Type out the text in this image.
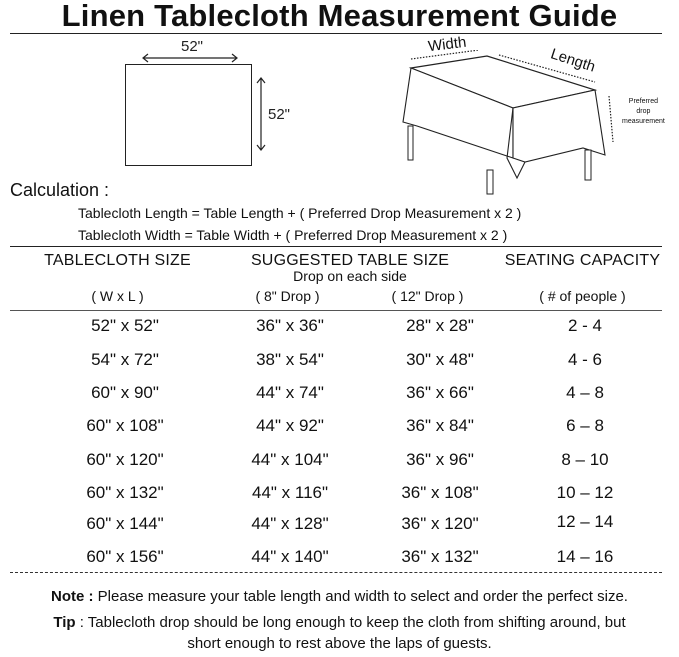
Linen Tablecloth Measurement Guide
52"
52"
Width
Length
Preferred
drop
measurement
Calculation :
Tablecloth Length = Table Length + ( Preferred Drop Measurement x 2 )
Tablecloth Width = Table Width + ( Preferred Drop Measurement x 2 )
TABLECLOTH SIZE	SUGGESTED TABLE SIZE	SEATING CAPACITY
Drop on each side
( W x L )	( 8" Drop )	( 12" Drop )	( # of people )
52" x 52"	36" x 36"	28" x 28"	2 - 4
54" x 72"	38" x 54"	30" x 48"	4 - 6
60" x 90"	44" x 74"	36" x 66"	4 – 8
60" x 108"	44" x 92"	36" x 84"	6 – 8
60" x 120"	44" x 104"	36" x 96"	8 – 10
60" x 132"	44" x 116"	36" x 108"	10 – 12
60" x 144"	44" x 128"	36" x 120"	12 – 14
60" x 156"	44" x 140"	36" x 132"	14 – 16
Note : Please measure your table length and width to select and order the perfect size.
Tip : Tablecloth drop should be long enough to keep the cloth from shifting around, but
short enough to rest above the laps of guests.
